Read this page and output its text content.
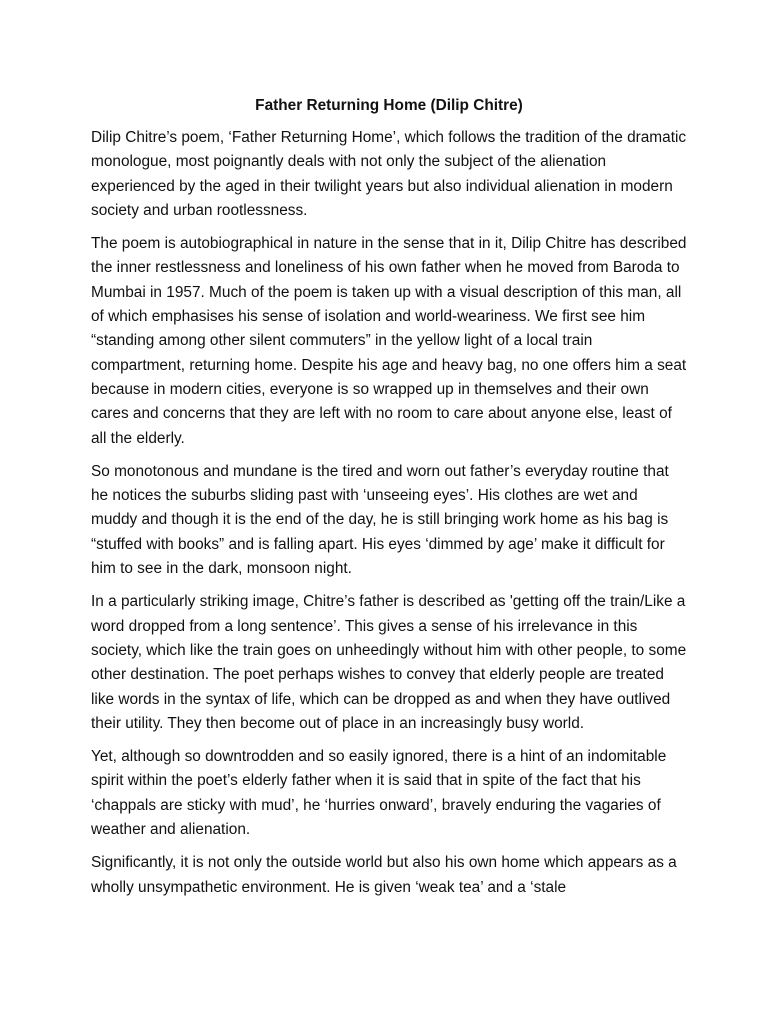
Father Returning Home (Dilip Chitre)

Dilip Chitre’s poem, ‘Father Returning Home’, which follows the tradition of the dramatic monologue, most poignantly deals with not only the subject of the alienation experienced by the aged in their twilight years but also individual alienation in modern society and urban rootlessness.

The poem is autobiographical in nature in the sense that in it, Dilip Chitre has described the inner restlessness and loneliness of his own father when he moved from Baroda to Mumbai in 1957. Much of the poem is taken up with a visual description of this man, all of which emphasises his sense of isolation and world-weariness. We first see him “standing among other silent commuters” in the yellow light of a local train compartment, returning home. Despite his age and heavy bag, no one offers him a seat because in modern cities, everyone is so wrapped up in themselves and their own cares and concerns that they are left with no room to care about anyone else, least of all the elderly.

So monotonous and mundane is the tired and worn out father’s everyday routine that he notices the suburbs sliding past with ‘unseeing eyes’. His clothes are wet and muddy and though it is the end of the day, he is still bringing work home as his bag is “stuffed with books” and is falling apart. His eyes ‘dimmed by age’ make it difficult for him to see in the dark, monsoon night.

In a particularly striking image, Chitre’s father is described as 'getting off the train/Like a word dropped from a long sentence’. This gives a sense of his irrelevance in this society, which like the train goes on unheedingly without him with other people, to some other destination. The poet perhaps wishes to convey that elderly people are treated like words in the syntax of life, which can be dropped as and when they have outlived their utility. They then become out of place in an increasingly busy world.

Yet, although so downtrodden and so easily ignored, there is a hint of an indomitable spirit within the poet’s elderly father when it is said that in spite of the fact that his ‘chappals are sticky with mud’, he ‘hurries onward’, bravely enduring the vagaries of weather and alienation.

Significantly, it is not only the outside world but also his own home which appears as a wholly unsympathetic environment. He is given ‘weak tea’ and a ‘stale
